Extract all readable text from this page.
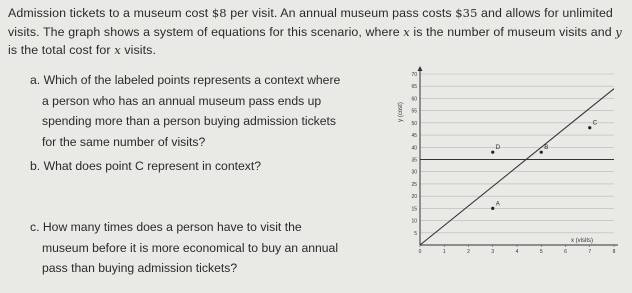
Admission tickets to a museum cost $8 per visit. An annual museum pass costs $35 and allows for unlimited visits. The graph shows a system of equations for this scenario, where x is the number of museum visits and y is the total cost for x visits.
a. Which of the labeled points represents a context where
a person who has an annual museum pass ends up
spending more than a person buying admission tickets
for the same number of visits?
b. What does point C represent in context?
c. How many times does a person have to visit the
museum before it is more economical to buy an annual
pass than buying admission tickets?
70
65
60
55
50
45
40
35
30
25
20
15
10
5
0	1	2	3	4	5	6	7	8
A
B
C
D
y (cost)
x (visits)
